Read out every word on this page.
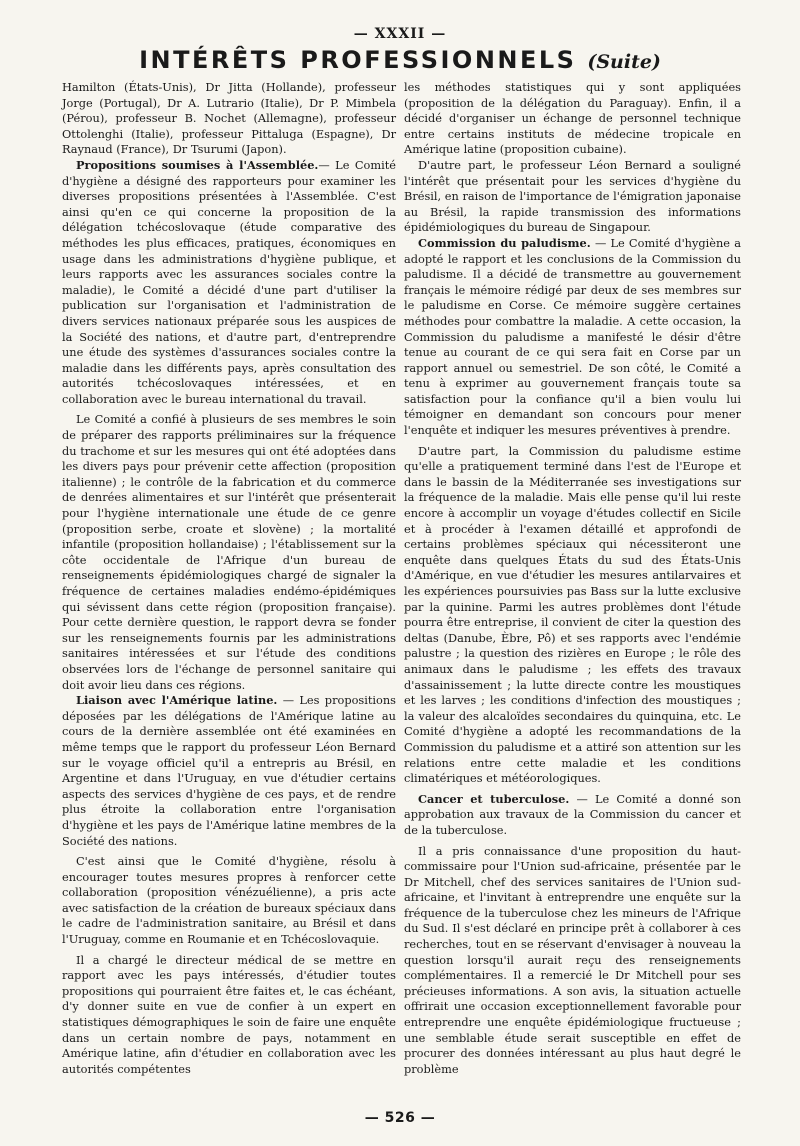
— XXXII —
INTÉRÊTS PROFESSIONNELS (Suite)

Hamilton (États-Unis), Dr Jitta (Hollande), professeur Jorge (Portugal), Dr A. Lutrario (Italie), Dr P. Mimbela (Pérou), professeur B. Nochet (Allemagne), professeur Ottolenghi (Italie), professeur Pittaluga (Espagne), Dr Raynaud (France), Dr Tsurumi (Japon).

Propositions soumises à l'Assemblée.— Le Comité d'hygiène a désigné des rapporteurs pour examiner les diverses propositions présentées à l'Assemblée. C'est ainsi qu'en ce qui concerne la proposition de la délégation tchécoslovaque (étude comparative des méthodes les plus efficaces, pratiques, économiques en usage dans les administrations d'hygiène publique, et leurs rapports avec les assurances sociales contre la maladie), le Comité a décidé d'une part d'utiliser la publication sur l'organisation et l'administration de divers services nationaux préparée sous les auspices de la Société des nations, et d'autre part, d'entreprendre une étude des systèmes d'assurances sociales contre la maladie dans les différents pays, après consultation des autorités tchécoslovaques intéressées, et en collaboration avec le bureau international du travail.

Le Comité a confié à plusieurs de ses membres le soin de préparer des rapports préliminaires sur la fréquence du trachome et sur les mesures qui ont été adoptées dans les divers pays pour prévenir cette affection (proposition italienne) ; le contrôle de la fabrication et du commerce de denrées alimentaires et sur l'intérêt que présenterait pour l'hygiène internationale une étude de ce genre (proposition serbe, croate et slovène) ; la mortalité infantile (proposition hollandaise) ; l'établissement sur la côte occidentale de l'Afrique d'un bureau de renseignements épidémiologiques chargé de signaler la fréquence de certaines maladies endémo-épidémiques qui sévissent dans cette région (proposition française). Pour cette dernière question, le rapport devra se fonder sur les renseignements fournis par les administrations sanitaires intéressées et sur l'étude des conditions observées lors de l'échange de personnel sanitaire qui doit avoir lieu dans ces régions.

Liaison avec l'Amérique latine. — Les propositions déposées par les délégations de l'Amérique latine au cours de la dernière assemblée ont été examinées en même temps que le rapport du professeur Léon Bernard sur le voyage officiel qu'il a entrepris au Brésil, en Argentine et dans l'Uruguay, en vue d'étudier certains aspects des services d'hygiène de ces pays, et de rendre plus étroite la collaboration entre l'organisation d'hygiène et les pays de l'Amérique latine membres de la Société des nations.

C'est ainsi que le Comité d'hygiène, résolu à encourager toutes mesures propres à renforcer cette collaboration (proposition vénézuélienne), a pris acte avec satisfaction de la création de bureaux spéciaux dans le cadre de l'administration sanitaire, au Brésil et dans l'Uruguay, comme en Roumanie et en Tchécoslovaquie.

Il a chargé le directeur médical de se mettre en rapport avec les pays intéressés, d'étudier toutes propositions qui pourraient être faites et, le cas échéant, d'y donner suite en vue de confier à un expert en statistiques démographiques le soin de faire une enquête dans un certain nombre de pays, notamment en Amérique latine, afin d'étudier en collaboration avec les autorités compétentes

les méthodes statistiques qui y sont appliquées (proposition de la délégation du Paraguay). Enfin, il a décidé d'organiser un échange de personnel technique entre certains instituts de médecine tropicale en Amérique latine (proposition cubaine).

D'autre part, le professeur Léon Bernard a souligné l'intérêt que présentait pour les services d'hygiène du Brésil, en raison de l'importance de l'émigration japonaise au Brésil, la rapide transmission des informations épidémiologiques du bureau de Singapour.

Commission du paludisme. — Le Comité d'hygiène a adopté le rapport et les conclusions de la Commission du paludisme. Il a décidé de transmettre au gouvernement français le mémoire rédigé par deux de ses membres sur le paludisme en Corse. Ce mémoire suggère certaines méthodes pour combattre la maladie. A cette occasion, la Commission du paludisme a manifesté le désir d'être tenue au courant de ce qui sera fait en Corse par un rapport annuel ou semestriel. De son côté, le Comité a tenu à exprimer au gouvernement français toute sa satisfaction pour la confiance qu'il a bien voulu lui témoigner en demandant son concours pour mener l'enquête et indiquer les mesures préventives à prendre.

D'autre part, la Commission du paludisme estime qu'elle a pratiquement terminé dans l'est de l'Europe et dans le bassin de la Méditerranée ses investigations sur la fréquence de la maladie. Mais elle pense qu'il lui reste encore à accomplir un voyage d'études collectif en Sicile et à procéder à l'examen détaillé et approfondi de certains problèmes spéciaux qui nécessiteront une enquête dans quelques États du sud des États-Unis d'Amérique, en vue d'étudier les mesures antilarvaires et les expériences poursuivies pas Bass sur la lutte exclusive par la quinine. Parmi les autres problèmes dont l'étude pourra être entreprise, il convient de citer la question des deltas (Danube, Èbre, Pô) et ses rapports avec l'endémie palustre ; la question des rizières en Europe ; le rôle des animaux dans le paludisme ; les effets des travaux d'assainissement ; la lutte directe contre les moustiques et les larves ; les conditions d'infection des moustiques ; la valeur des alcaloïdes secondaires du quinquina, etc. Le Comité d'hygiène a adopté les recommandations de la Commission du paludisme et a attiré son attention sur les relations entre cette maladie et les conditions climatériques et météorologiques.

Cancer et tuberculose. — Le Comité a donné son approbation aux travaux de la Commission du cancer et de la tuberculose.

Il a pris connaissance d'une proposition du haut-commissaire pour l'Union sud-africaine, présentée par le Dr Mitchell, chef des services sanitaires de l'Union sud-africaine, et l'invitant à entreprendre une enquête sur la fréquence de la tuberculose chez les mineurs de l'Afrique du Sud. Il s'est déclaré en principe prêt à collaborer à ces recherches, tout en se réservant d'envisager à nouveau la question lorsqu'il aurait reçu des renseignements complémentaires. Il a remercié le Dr Mitchell pour ses précieuses informations. A son avis, la situation actuelle offrirait une occasion exceptionnellement favorable pour entreprendre une enquête épidémiologique fructueuse ; une semblable étude serait susceptible en effet de procurer des données intéressant au plus haut degré le problème

— 526 —
